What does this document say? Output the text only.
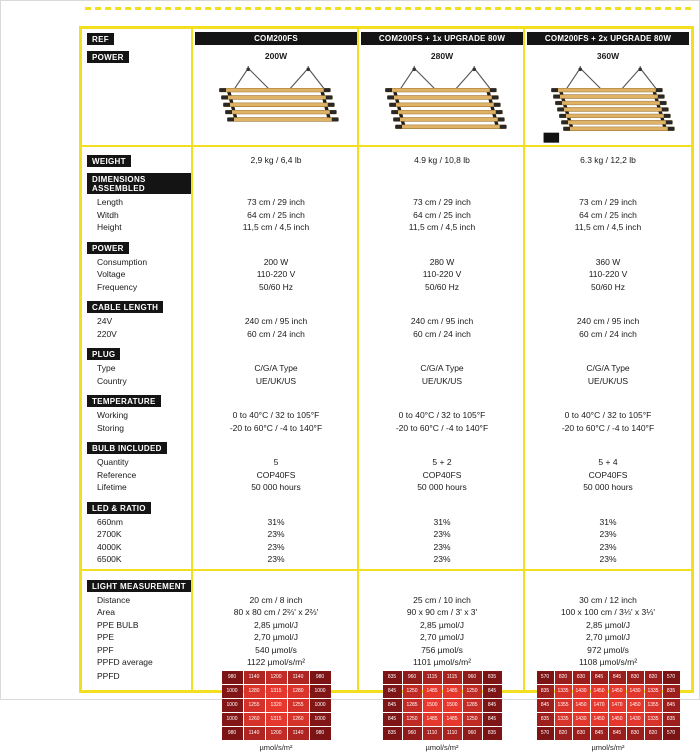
REF	COM200FS	COM200FS + 1x UPGRADE 80W	COM200FS + 2x UPGRADE 80W
POWER	200W	280W	360W
WEIGHT	2,9 kg / 6,4 lb	4.9 kg / 10,8 lb	6.3 kg / 12,2 lb
DIMENSIONS ASSEMBLED
Length	73 cm / 29 inch	73 cm / 29 inch	73 cm / 29 inch
Witdh	64 cm / 25 inch	64 cm / 25 inch	64 cm / 25 inch
Height	11,5 cm / 4,5 inch	11,5 cm / 4,5 inch	11,5 cm / 4,5 inch
POWER
Consumption	200 W	280 W	360 W
Voltage	110-220 V	110-220 V	110-220 V
Frequency	50/60 Hz	50/60 Hz	50/60 Hz
CABLE LENGTH
24V	240 cm / 95 inch	240 cm / 95 inch	240 cm / 95 inch
220V	60 cm / 24 inch	60 cm / 24 inch	60 cm / 24 inch
PLUG
Type	C/G/A Type	C/G/A Type	C/G/A Type
Country	UE/UK/US	UE/UK/US	UE/UK/US
TEMPERATURE
Working	0 to 40°C / 32 to 105°F	0 to 40°C / 32 to 105°F	0 to 40°C / 32 to 105°F
Storing	-20 to 60°C / -4 to 140°F	-20 to 60°C / -4 to 140°F	-20 to 60°C / -4 to 140°F
BULB INCLUDED
Quantity	5	5 + 2	5 + 4
Reference	COP40FS	COP40FS	COP40FS
Lifetime	50 000 hours	50 000 hours	50 000 hours
LED & RATIO
660nm	31%	31%	31%
2700K	23%	23%	23%
4000K	23%	23%	23%
6500K	23%	23%	23%
LIGHT MEASUREMENT
Distance	20 cm / 8 inch	25 cm / 10 inch	30 cm / 12 inch
Area	80 x 80 cm / 2⅔' x 2⅔'	90 x 90 cm / 3' x 3'	100 x 100 cm / 3⅓' x 3⅓'
PPE BULB	2,85 µmol/J	2,85 µmol/J	2,85 µmol/J
PPE	2,70 µmol/J	2,70 µmol/J	2,70 µmol/J
PPF	540 µmol/s	756 µmol/s	972 µmol/s
PPFD average	1122 µmol/s/m²	1101 µmol/s/m²	1108 µmol/s/m²
PPFD	980	1140	1200	1140	980
1000	1280	1315	1280	1000
1000	1255	1320	1255	1000
1000	1260	1315	1260	1000
980	1140	1200	1140	980
µmol/s/m²
835	960	1115	1115	960	835
845	1250	1485	1485	1250	845
845	1285	1500	1500	1285	845
845	1250	1485	1485	1250	845
835	960	1110	1110	960	835
µmol/s/m²
570	820	830	845	845	830	820	570
835	1335	1430	1450	1450	1430	1335	835
845	1355	1450	1470	1470	1450	1355	845
835	1335	1430	1450	1450	1430	1335	835
570	820	830	845	845	830	820	570
µmol/s/m²
